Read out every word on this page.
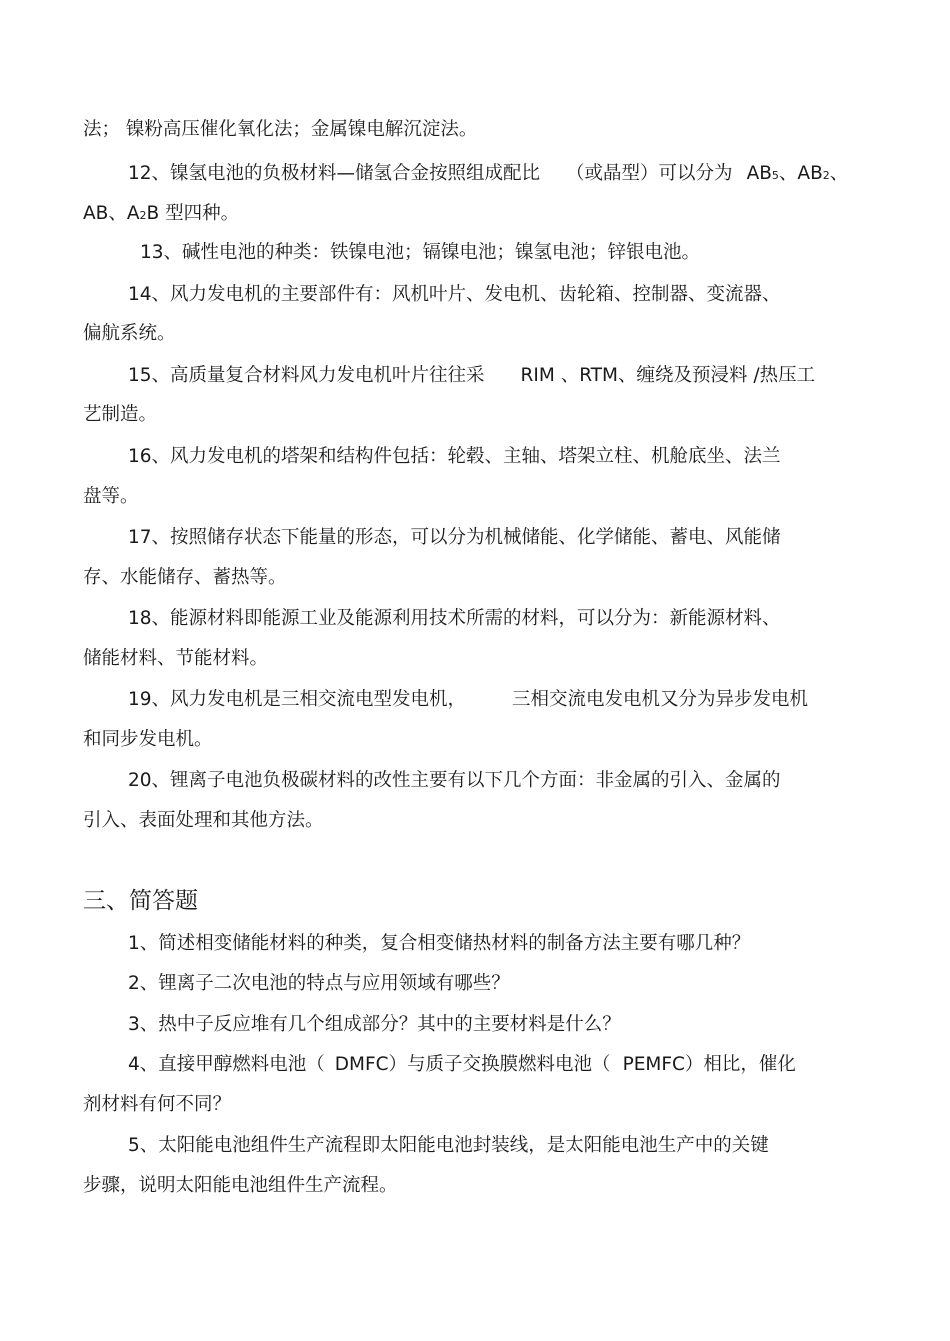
法； 镍粉高压催化氧化法；金属镍电解沉淀法。
12、镍氢电池的负极材料—储氢合金按照组成配比 （或晶型）可以分为 AB5、AB2、
AB、A2B 型四种。
13、碱性电池的种类：铁镍电池；镉镍电池；镍氢电池；锌银电池。
14、风力发电机的主要部件有：风机叶片、发电机、齿轮箱、控制器、变流器、
偏航系统。
15、高质量复合材料风力发电机叶片往往采 RIM 、RTM、缠绕及预浸料 /热压工
艺制造。
16、风力发电机的塔架和结构件包括：轮毂、主轴、塔架立柱、机舱底坐、法兰
盘等。
17、按照储存状态下能量的形态，可以分为机械储能、化学储能、蓄电、风能储
存、水能储存、蓄热等。
18、能源材料即能源工业及能源利用技术所需的材料，可以分为：新能源材料、
储能材料、节能材料。
19、风力发电机是三相交流电型发电机， 三相交流电发电机又分为异步发电机
和同步发电机。
20、锂离子电池负极碳材料的改性主要有以下几个方面：非金属的引入、金属的
引入、表面处理和其他方法。
三、简答题
1、简述相变储能材料的种类，复合相变储热材料的制备方法主要有哪几种？
2、锂离子二次电池的特点与应用领域有哪些？
3、热中子反应堆有几个组成部分？其中的主要材料是什么？
4、直接甲醇燃料电池（ DMFC）与质子交换膜燃料电池（ PEMFC）相比，催化
剂材料有何不同？
5、太阳能电池组件生产流程即太阳能电池封装线，是太阳能电池生产中的关键
步骤，说明太阳能电池组件生产流程。
